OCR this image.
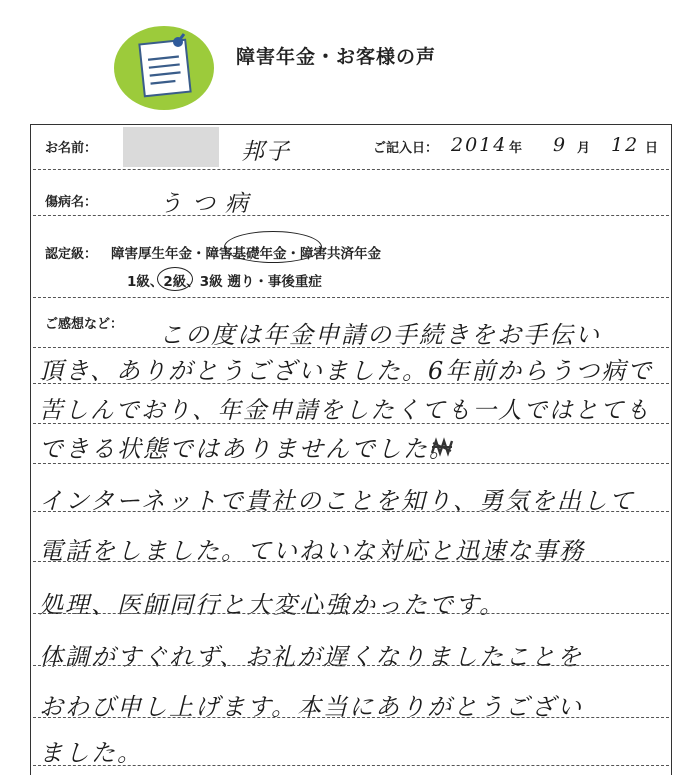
障害年金・お客様の声
お名前：	邦子	ご記入日： 2014 年 9 月 12 日
傷病名：	うつ病
認定級： 障害厚生年金・障害基礎年金・障害共済年金
1級、2級、3級 遡り・事後重症
ご感想など： この度は年金申請の手続きをお手伝い
頂き、ありがとうございました。6年前からうつ病で
苦しんでおり、年金申請をしたくても一人ではとても
できる状態ではありませんでした。
インターネットで貴社のことを知り、勇気を出して
電話をしました。ていねいな対応と迅速な事務
処理、医師同行と大変心強かったです。
体調がすぐれず、お礼が遅くなりましたことを
おわび申し上げます。本当にありがとうござい
ました。
